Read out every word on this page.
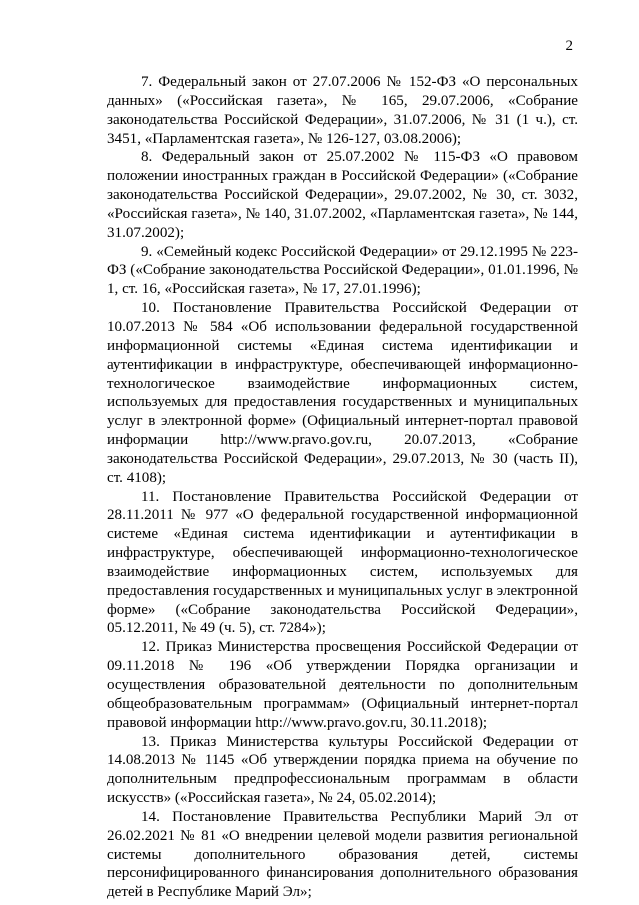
2

7. Федеральный закон от 27.07.2006 № 152-ФЗ «О персональных данных» («Российская газета», № 165, 29.07.2006, «Собрание законодательства Российской Федерации», 31.07.2006, № 31 (1 ч.), ст. 3451, «Парламентская газета», № 126-127, 03.08.2006);

8. Федеральный закон от 25.07.2002 № 115-ФЗ «О правовом положении иностранных граждан в Российской Федерации» («Собрание законодательства Российской Федерации», 29.07.2002, № 30, ст. 3032, «Российская газета», № 140, 31.07.2002, «Парламентская газета», № 144, 31.07.2002);

9. «Семейный кодекс Российской Федерации» от 29.12.1995 № 223-ФЗ («Собрание законодательства Российской Федерации», 01.01.1996, № 1, ст. 16, «Российская газета», № 17, 27.01.1996);

10. Постановление Правительства Российской Федерации от 10.07.2013 № 584 «Об использовании федеральной государственной информационной системы «Единая система идентификации и аутентификации в инфраструктуре, обеспечивающей информационно-технологическое взаимодействие информационных систем, используемых для предоставления государственных и муниципальных услуг в электронной форме» (Официальный интернет-портал правовой информации http://www.pravo.gov.ru, 20.07.2013, «Собрание законодательства Российской Федерации», 29.07.2013, № 30 (часть II), ст. 4108);

11. Постановление Правительства Российской Федерации от 28.11.2011 № 977 «О федеральной государственной информационной системе «Единая система идентификации и аутентификации в инфраструктуре, обеспечивающей информационно-технологическое взаимодействие информационных систем, используемых для предоставления государственных и муниципальных услуг в электронной форме» («Собрание законодательства Российской Федерации», 05.12.2011, № 49 (ч. 5), ст. 7284»);

12. Приказ Министерства просвещения Российской Федерации от 09.11.2018 № 196 «Об утверждении Порядка организации и осуществления образовательной деятельности по дополнительным общеобразовательным программам» (Официальный интернет-портал правовой информации http://www.pravo.gov.ru, 30.11.2018);

13. Приказ Министерства культуры Российской Федерации от 14.08.2013 № 1145 «Об утверждении порядка приема на обучение по дополнительным предпрофессиональным программам в области искусств» («Российская газета», № 24, 05.02.2014);

14. Постановление Правительства Республики Марий Эл от 26.02.2021 № 81 «О внедрении целевой модели развития региональной системы дополнительного образования детей, системы персонифицированного финансирования дополнительного образования детей в Республике Марий Эл»;
